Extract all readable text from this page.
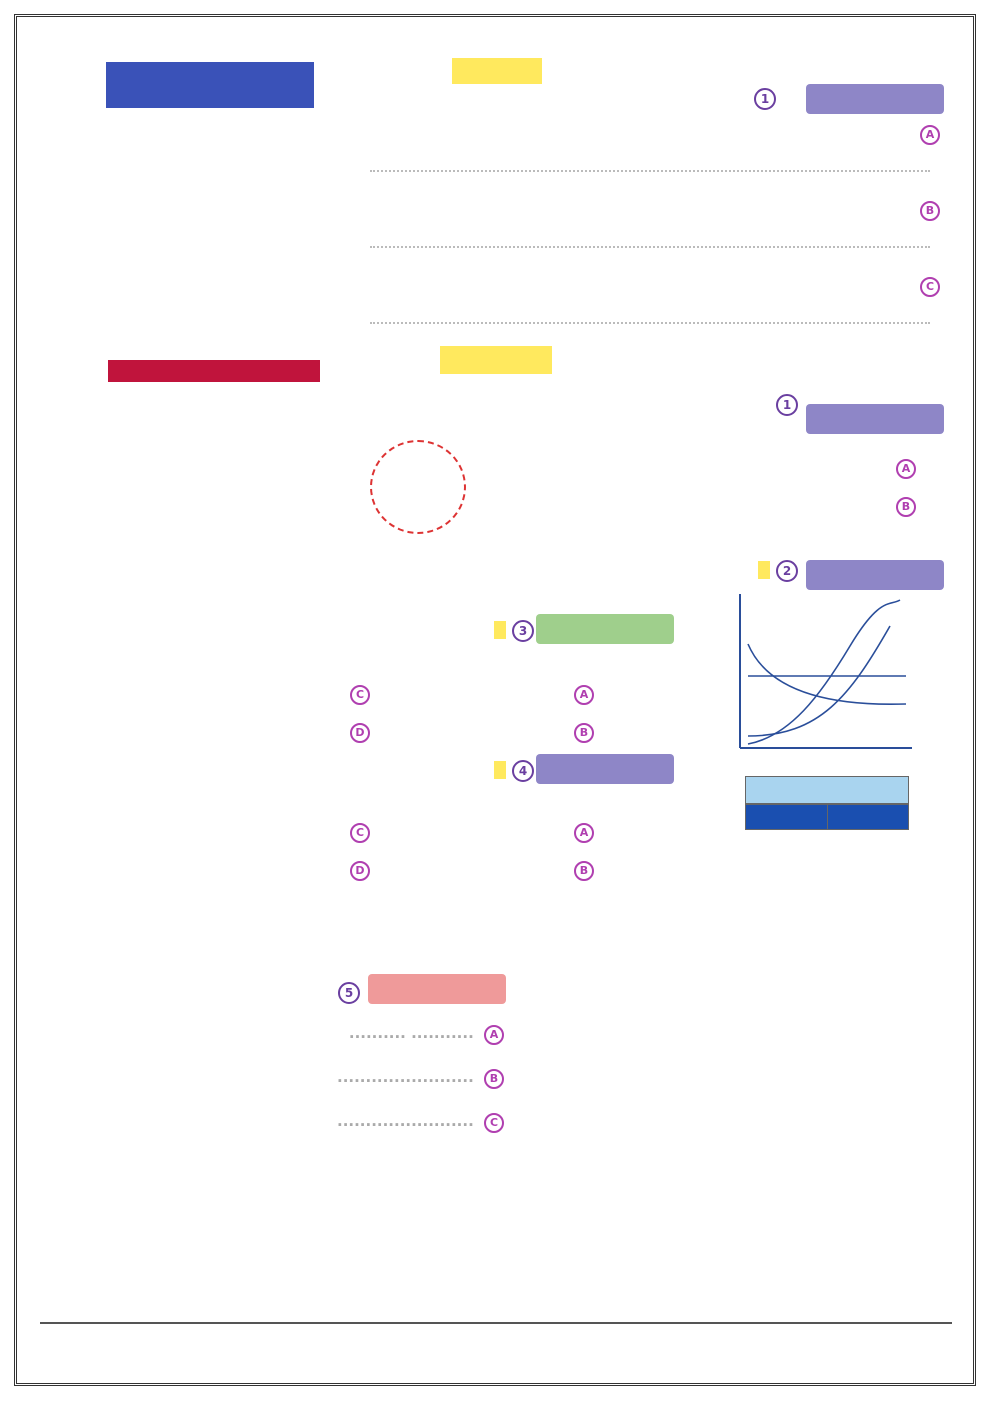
1
A
B
C
1
A
B
2
3
A
C
B
D
4
A
C
B
D

5
A ........... ..........
B ........................
C ........................
